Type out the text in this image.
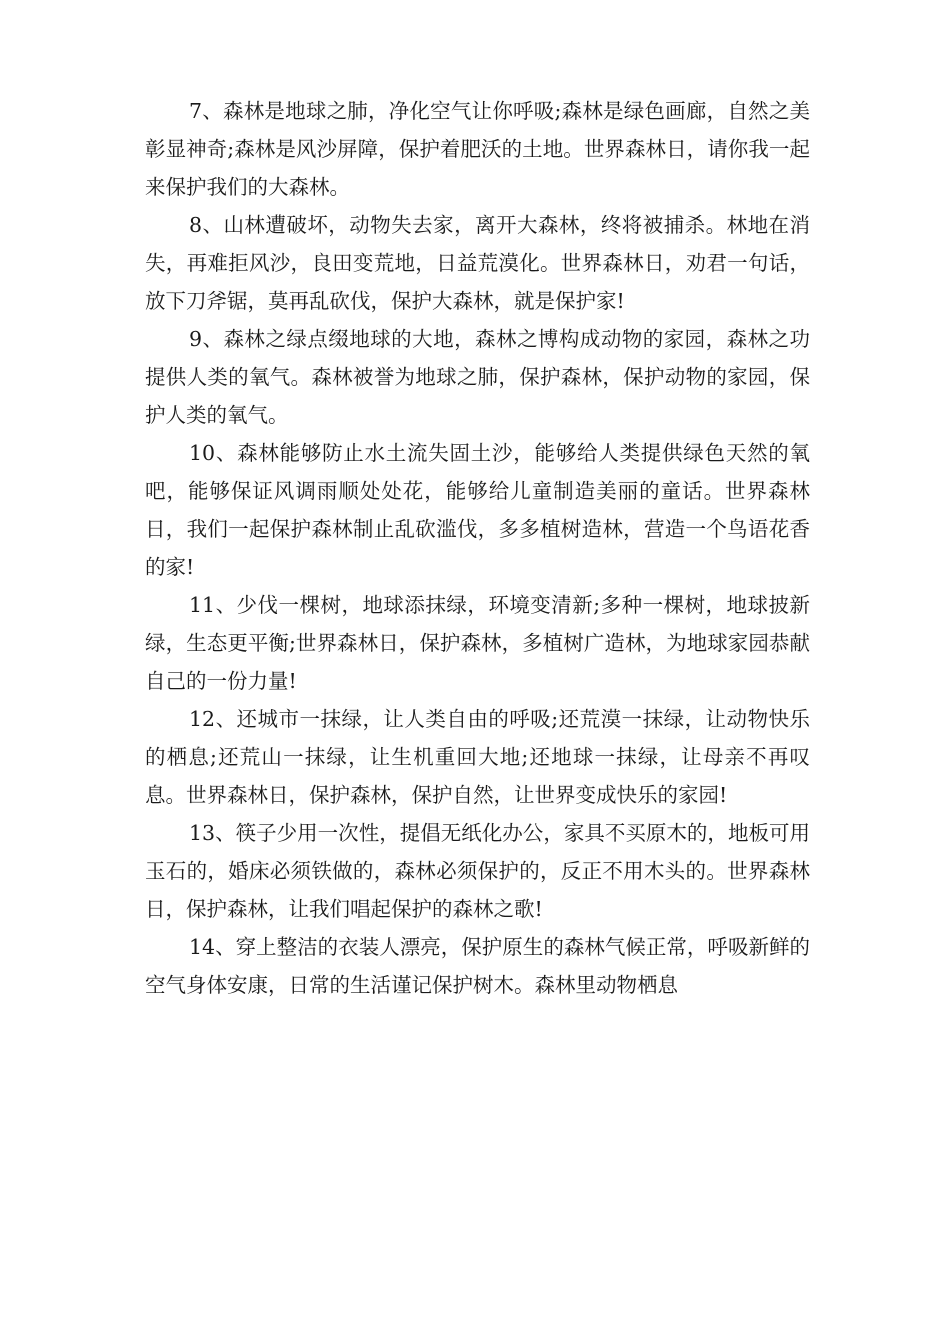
7、森林是地球之肺，净化空气让你呼吸;森林是绿色画廊，自然之美彰显神奇;森林是风沙屏障，保护着肥沃的土地。世界森林日，请你我一起来保护我们的大森林。

8、山林遭破坏，动物失去家，离开大森林，终将被捕杀。林地在消失，再难拒风沙，良田变荒地，日益荒漠化。世界森林日，劝君一句话，放下刀斧锯，莫再乱砍伐，保护大森林，就是保护家!

9、森林之绿点缀地球的大地，森林之博构成动物的家园，森林之功提供人类的氧气。森林被誉为地球之肺，保护森林，保护动物的家园，保护人类的氧气。

10、森林能够防止水土流失固土沙，能够给人类提供绿色天然的氧吧，能够保证风调雨顺处处花，能够给儿童制造美丽的童话。世界森林日，我们一起保护森林制止乱砍滥伐，多多植树造林，营造一个鸟语花香的家!

11、少伐一棵树，地球添抹绿，环境变清新;多种一棵树，地球披新绿，生态更平衡;世界森林日，保护森林，多植树广造林，为地球家园恭献自己的一份力量!

12、还城市一抹绿，让人类自由的呼吸;还荒漠一抹绿，让动物快乐的栖息;还荒山一抹绿，让生机重回大地;还地球一抹绿，让母亲不再叹息。世界森林日，保护森林，保护自然，让世界变成快乐的家园!

13、筷子少用一次性，提倡无纸化办公，家具不买原木的，地板可用玉石的，婚床必须铁做的，森林必须保护的，反正不用木头的。世界森林日，保护森林，让我们唱起保护的森林之歌!

14、穿上整洁的衣装人漂亮，保护原生的森林气候正常，呼吸新鲜的空气身体安康，日常的生活谨记保护树木。森林里动物栖息
